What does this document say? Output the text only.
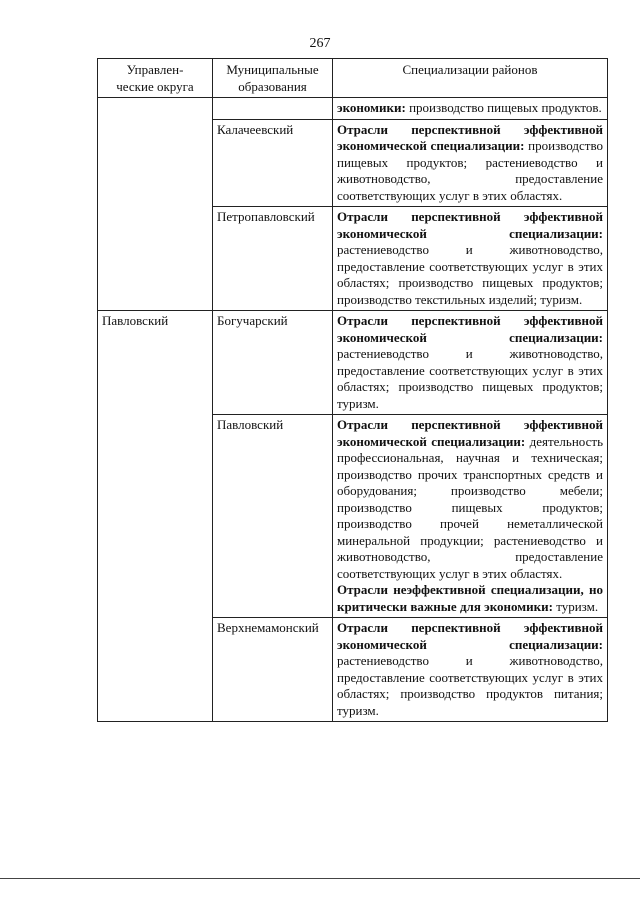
267
Управлен-
ческие округа	Муниципальные
образования	Специализации районов

		экономики: производство пищевых продуктов.

	Калачеевский	Отрасли перспективной эффективной экономической специализации: производство пищевых продуктов; растениеводство и животноводство, предоставление соответствующих услуг в этих областях.

	Петропавловский	Отрасли перспективной эффективной экономической специализации: растениеводство и животноводство, предоставление соответствующих услуг в этих областях; производство пищевых продуктов; производство текстильных изделий; туризм.

Павловский	Богучарский	Отрасли перспективной эффективной экономической специализации: растениеводство и животноводство, предоставление соответствующих услуг в этих областях; производство пищевых продуктов; туризм.

	Павловский	Отрасли перспективной эффективной экономической специализации: деятельность профессиональная, научная и техническая; производство прочих транспортных средств и оборудования; производство мебели; производство пищевых продуктов; производство прочей неметаллической минеральной продукции; растениеводство и животноводство, предоставление соответствующих услуг в этих областях.
Отрасли неэффективной специализации, но критически важные для экономики: туризм.

	Верхнемамонский	Отрасли перспективной эффективной экономической специализации: растениеводство и животноводство, предоставление соответствующих услуг в этих областях; производство продуктов питания; туризм.
